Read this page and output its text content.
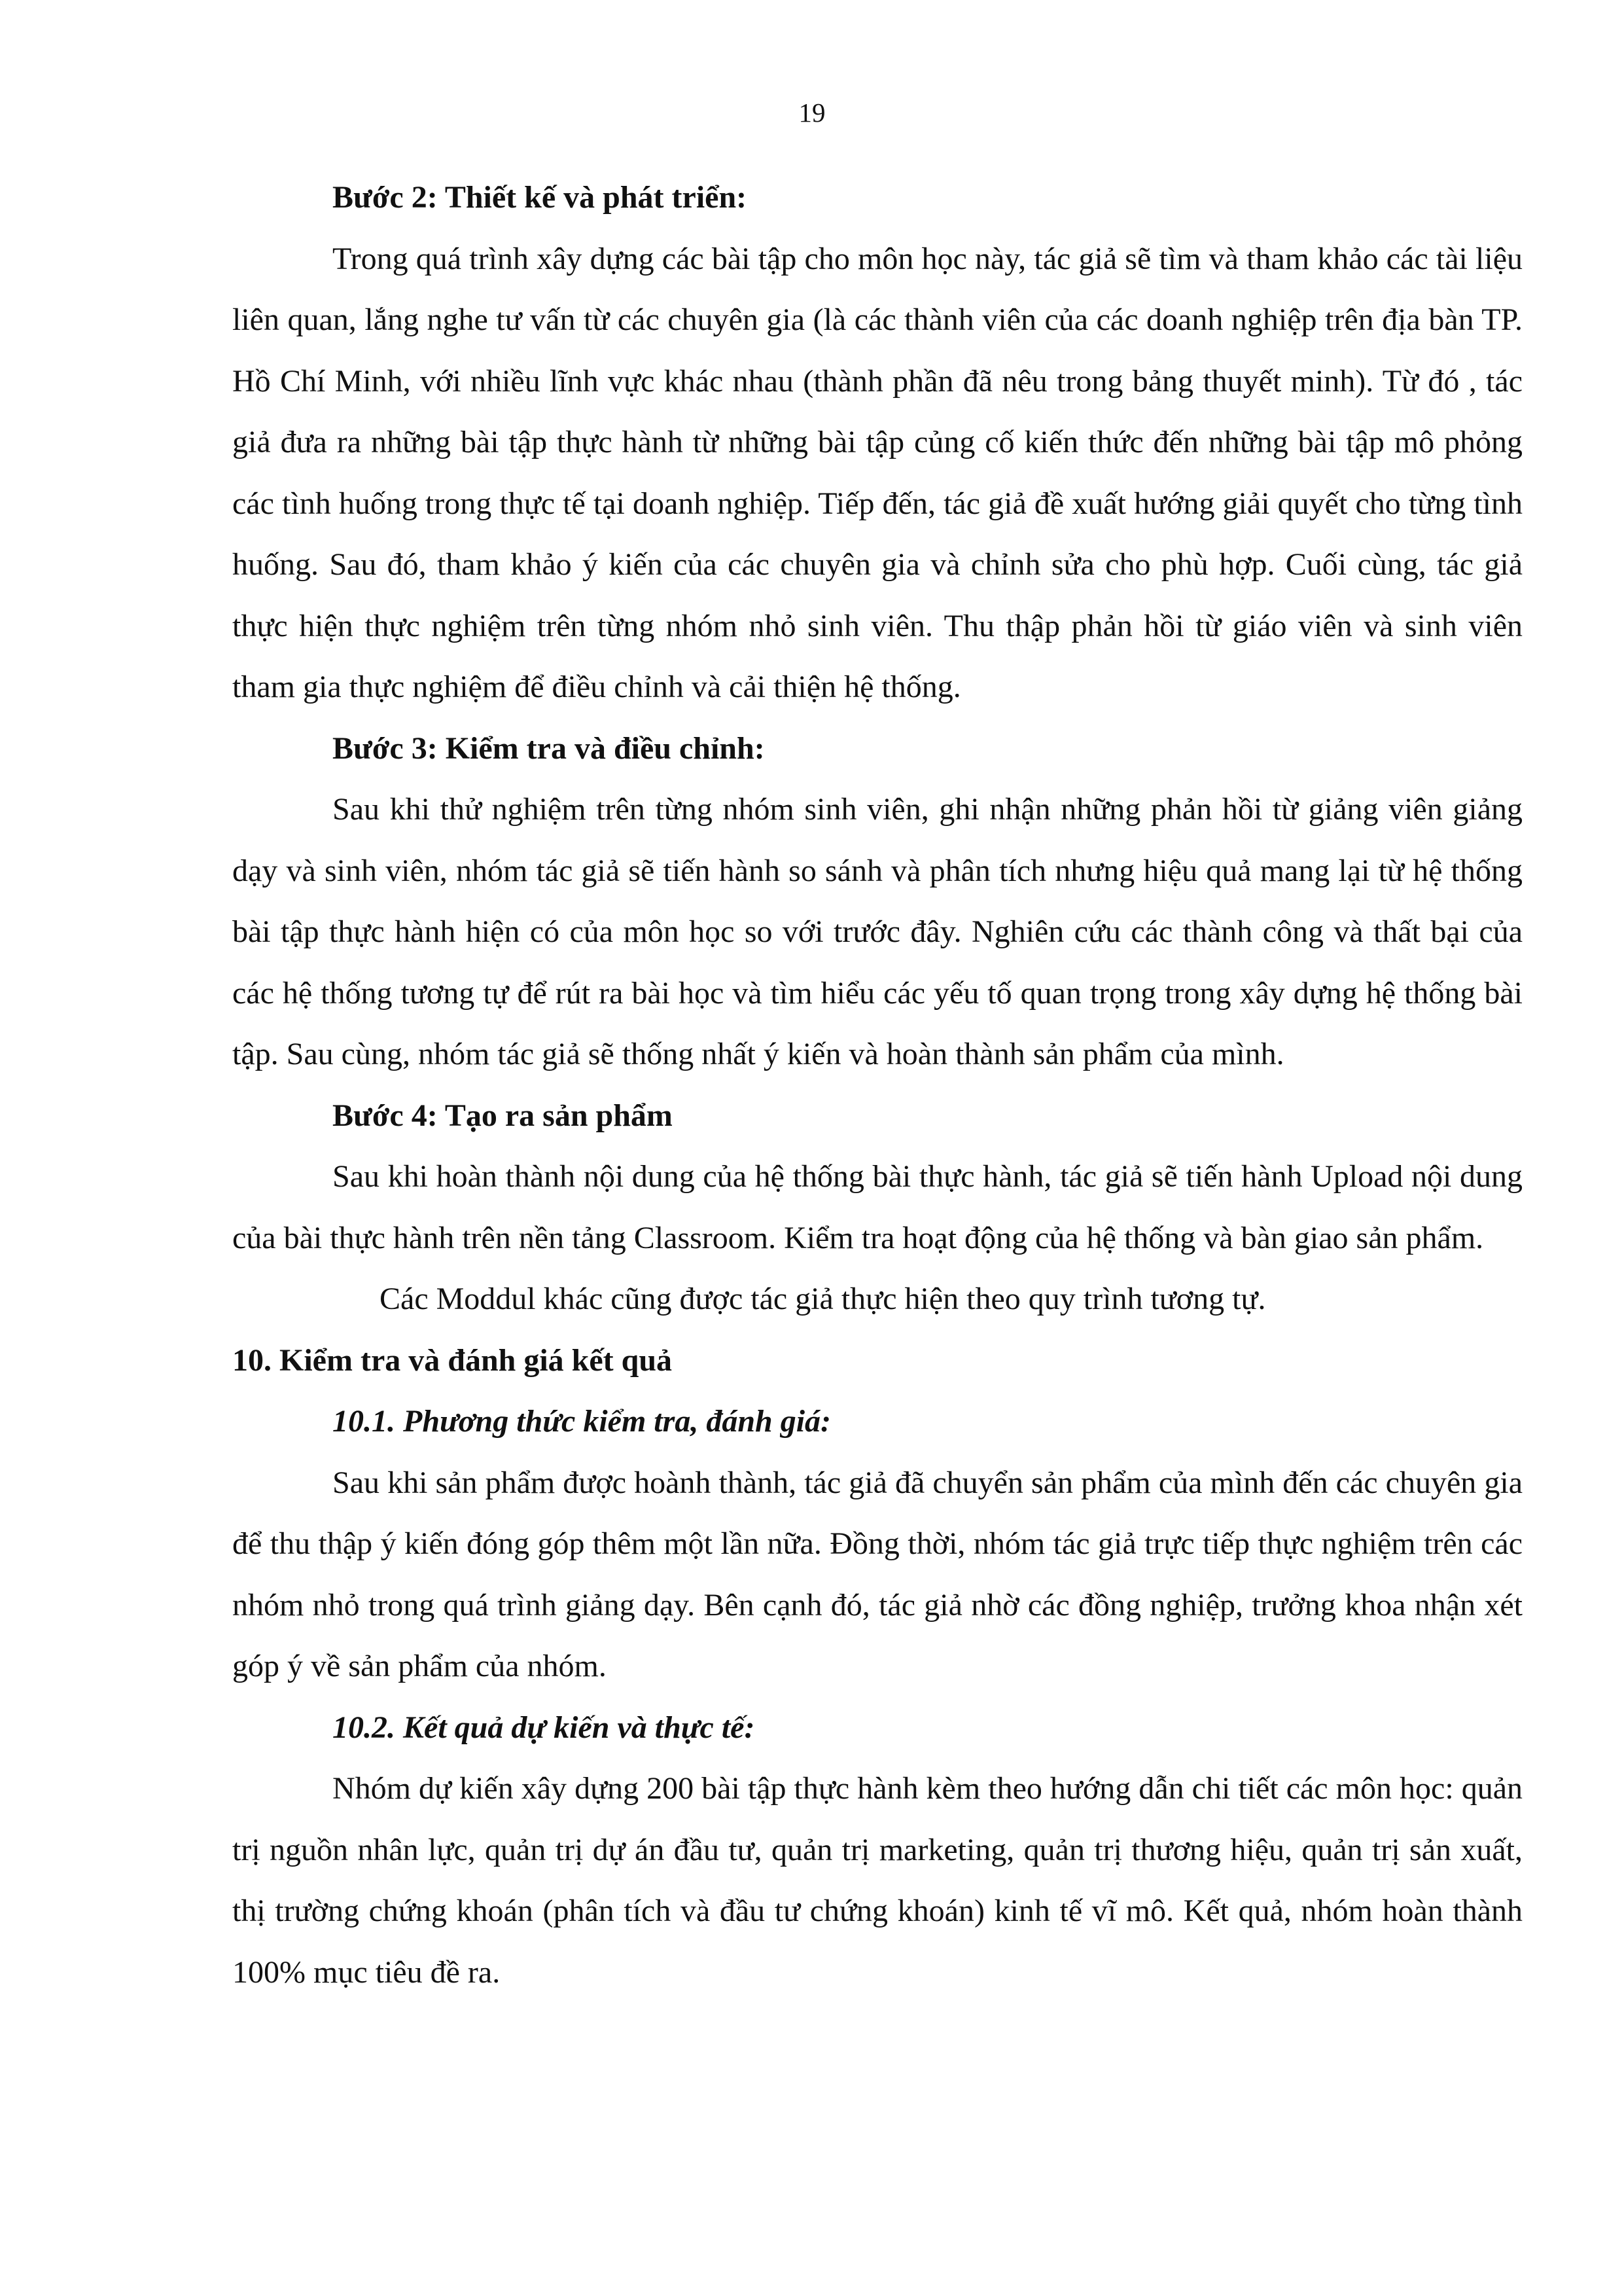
19

Bước 2: Thiết kế và phát triển:

Trong quá trình xây dựng các bài tập cho môn học này, tác giả sẽ tìm và tham khảo các tài liệu liên quan, lắng nghe tư vấn từ các chuyên gia (là các thành viên của các doanh nghiệp trên địa bàn TP. Hồ Chí Minh, với nhiều lĩnh vực khác nhau (thành phần đã nêu trong bảng thuyết minh). Từ đó , tác giả đưa ra những bài tập thực hành từ những bài tập củng cố kiến thức đến những bài tập mô phỏng các tình huống trong thực tế tại doanh nghiệp. Tiếp đến, tác giả đề xuất hướng giải quyết cho từng tình huống. Sau đó, tham khảo ý kiến của các chuyên gia và chỉnh sửa cho phù hợp. Cuối cùng, tác giả thực hiện thực nghiệm trên từng nhóm nhỏ sinh viên. Thu thập phản hồi từ giáo viên và sinh viên tham gia thực nghiệm để điều chỉnh và cải thiện hệ thống.

Bước 3: Kiểm tra và điều chỉnh:

Sau khi thử nghiệm trên từng nhóm sinh viên, ghi nhận những phản hồi từ giảng viên giảng dạy và sinh viên, nhóm tác giả sẽ tiến hành so sánh và phân tích nhưng hiệu quả mang lại từ hệ thống bài tập thực hành hiện có của môn học so với trước đây. Nghiên cứu các thành công và thất bại của các hệ thống tương tự để rút ra bài học và tìm hiểu các yếu tố quan trọng trong xây dựng hệ thống bài tập. Sau cùng, nhóm tác giả sẽ thống nhất ý kiến và hoàn thành sản phẩm của mình.

Bước 4: Tạo ra sản phẩm

Sau khi hoàn thành nội dung của hệ thống bài thực hành, tác giả sẽ tiến hành Upload nội dung của bài thực hành trên nền tảng Classroom. Kiểm tra hoạt động của hệ thống và bàn giao sản phẩm.

Các Moddul khác cũng được tác giả thực hiện theo quy trình tương tự.

10. Kiểm tra và đánh giá kết quả

10.1. Phương thức kiểm tra, đánh giá:

Sau khi sản phẩm được hoành thành, tác giả đã chuyển sản phẩm của mình đến các chuyên gia để thu thập ý kiến đóng góp thêm một lần nữa. Đồng thời, nhóm tác giả trực tiếp thực nghiệm trên các nhóm nhỏ trong quá trình giảng dạy. Bên cạnh đó, tác giả nhờ các đồng nghiệp, trưởng khoa nhận xét góp ý về sản phẩm của nhóm.

10.2. Kết quả dự kiến và thực tế:

Nhóm dự kiến xây dựng 200 bài tập thực hành kèm theo hướng dẫn chi tiết các môn học: quản trị nguồn nhân lực, quản trị dự án đầu tư, quản trị marketing, quản trị thương hiệu, quản trị sản xuất, thị trường chứng khoán (phân tích và đầu tư chứng khoán) kinh tế vĩ mô. Kết quả, nhóm hoàn thành 100% mục tiêu đề ra.
